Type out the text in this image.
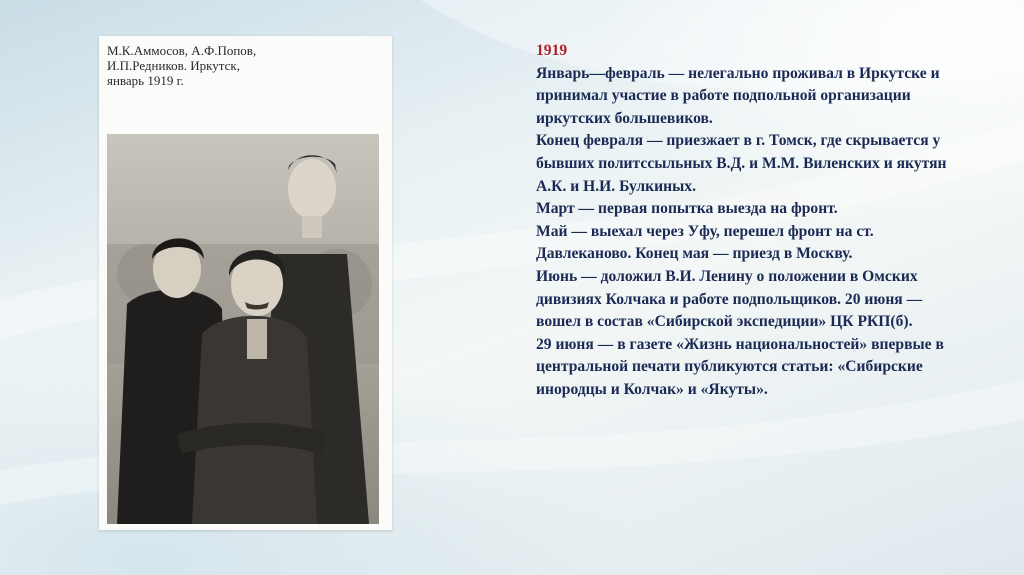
М.К.Аммосов, А.Ф.Попов,
И.П.Редников. Иркутск,
январь 1919 г.

1919

Январь—февраль — нелегально проживал в Иркутске и принимал участие в работе подпольной организации иркутских большевиков.

Конец февраля — приезжает в г. Томск, где скрывается у бывших политссыльных В.Д. и М.М. Виленских и якутян А.К. и Н.И. Булкиных.

Март — первая попытка выезда на фронт.

Май — выехал через Уфу, перешел фронт на ст. Давлеканово. Конец мая — приезд в Москву.

Июнь — доложил В.И. Ленину о положении в Омских дивизиях Колчака и работе подпольщиков. 20 июня — вошел в состав «Сибирской экспедиции» ЦК РКП(б).

29 июня — в газете «Жизнь национальностей» впервые в центральной печати публикуются статьи: «Сибирские инородцы и Колчак» и «Якуты».
